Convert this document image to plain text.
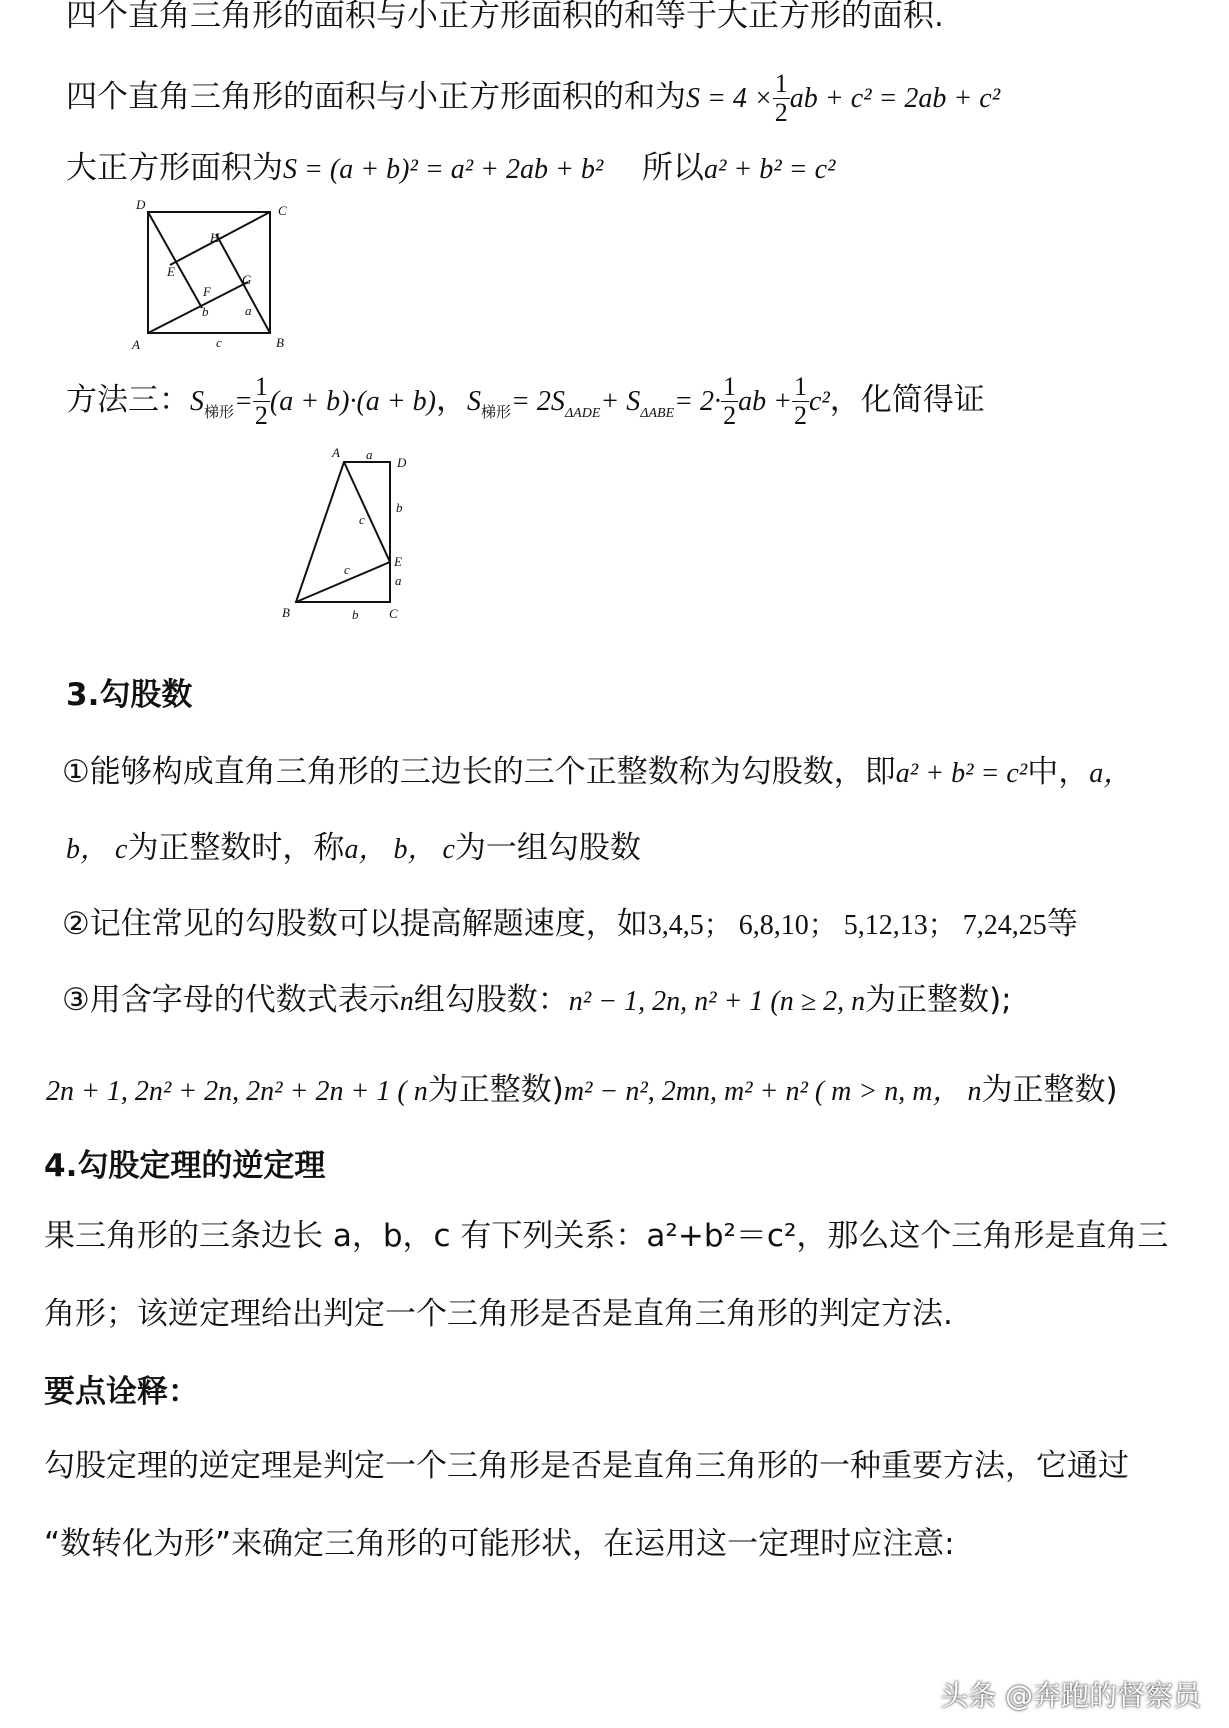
四个直角三角形的面积与小正方形面积的和等于大正方形的面积.
四个直角三角形的面积与小正方形面积的和为$S = 4 \times \frac{1}{2}$ ab + c² = 2ab + c²
大正方形面积为S = (a + b)² = a² + 2ab + b² 所以a² + b² = c²
D	C
A	B
H
E
G
F
b	a
c
方法三：$S_{梯形}= \frac{1}{2} (a + b)\cdot(a + b)$，$S_{梯形}= 2S_{\Delta ADE}+ S_{\Delta ABE}= 2\cdot \frac{1}{2}$ ab + $\frac{1}{2} c^2$，化简得证
A a
D
b
c
E
c
a
B	b C
3.勾股数
①能够构成直角三角形的三边长的三个正整数称为勾股数，即a² + b² = c²中，a，
b， c为正整数时，称a， b， c为一组勾股数
②记住常见的勾股数可以提高解题速度，如3,4,5； 6,8,10； 5,12,13； 7,24,25等
③用含字母的代数式表示n组勾股数：n² − 1, 2n, n² + 1 (n ≥ 2, n为正整数);
2n + 1, 2n² + 2n, 2n² + 2n + 1 ( n为正整数)m² − n², 2mn, m² + n² ( m > n, m， n为正整数)
4.勾股定理的逆定理
果三角形的三条边长 a，b，c 有下列关系：a²+b²＝c²，那么这个三角形是直角三
角形；该逆定理给出判定一个三角形是否是直角三角形的判定方法.
要点诠释：
勾股定理的逆定理是判定一个三角形是否是直角三角形的一种重要方法，它通过
“数转化为形”来确定三角形的可能形状，在运用这一定理时应注意:
头条 @奔跑的督察员
